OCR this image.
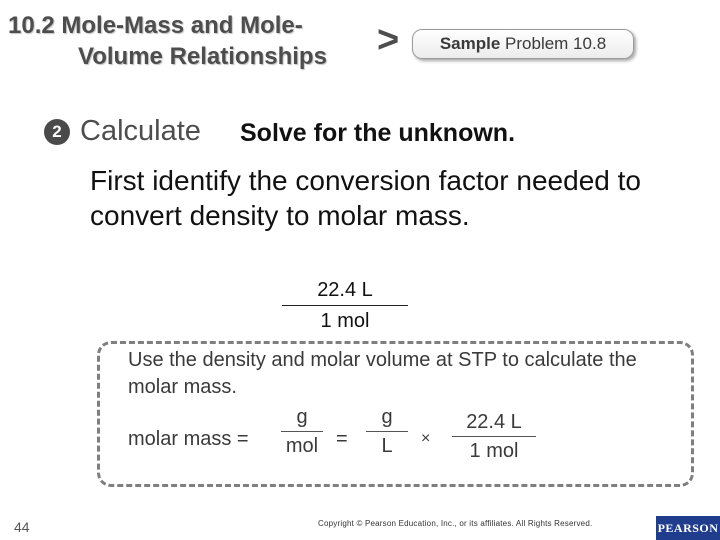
10.2 Mole-Mass and Mole-
Volume Relationships	>	Sample Problem 10.8
2 Calculate Solve for the unknown.
First identify the conversion factor needed to convert density to molar mass.
22.4 L
1 mol
Use the density and molar volume at STP to calculate the molar mass.
molar mass =
g
mol =
g
L	×
22.4 L
1 mol
44	Copyright © Pearson Education, Inc., or its affiliates. All Rights Reserved.	PEARSON
